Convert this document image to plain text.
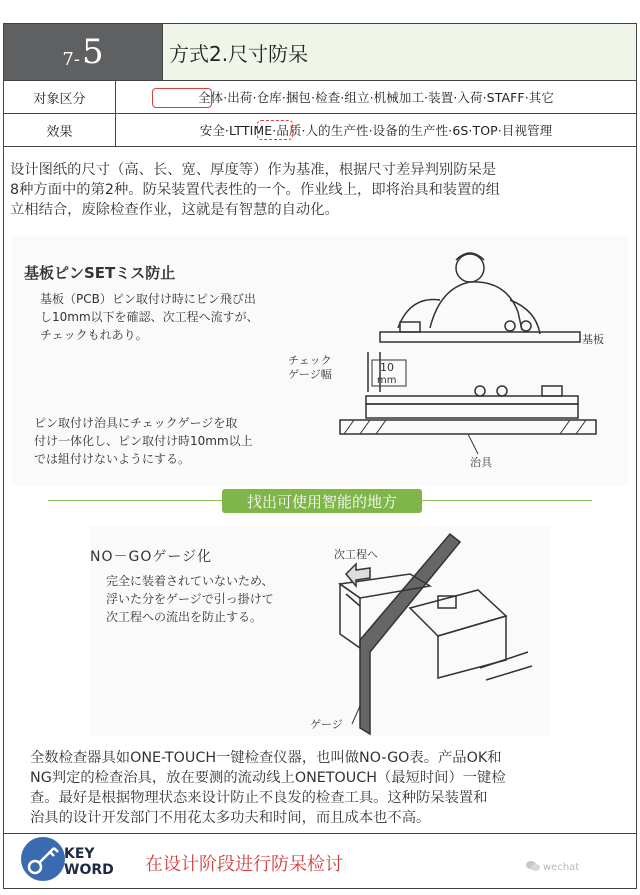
7- 5	方式2.尺寸防呆
对象区分	全体·出荷·仓库·捆包·检查·组立·机械加工·装置·入荷·STAFF·其它
效果	安全·LTTIME·品质·人的生产性·设备的生产性·6S·TOP·目视管理
设计图纸的尺寸（高、长、宽、厚度等）作为基准，根据尺寸差异判别防呆是
8种方面中的第2种。防呆装置代表性的一个。作业线上，即将治具和装置的组
立相结合，废除检查作业，这就是有智慧的自动化。
基板ピンSETミス防止
基板（PCB）ピン取付け時にピン飛び出
し10mm以下を確認、次工程へ流すが、
チェックもれあり。
ピン取付け治具にチェックゲージを取
付け一体化し、ピン取付け時10mm以上
では組付けないようにする。
基板
チェック
ゲージ幅
10
mm
治具
找出可使用智能的地方
NO－GOゲージ化
完全に装着されていないため、
浮いた分をゲージで引っ掛けて
次工程への流出を防止する。
次工程へ
ゲージ
全数检查器具如ONE-TOUCH一键检查仪器，也叫做NO-GO表。产品OK和
NG判定的检查治具，放在要测的流动线上ONETOUCH（最短时间）一键检
查。最好是根据物理状态来设计防止不良发的检查工具。这种防呆装置和
治具的设计开发部门不用花太多功夫和时间，而且成本也不高。
KEY
WORD 在设计阶段进行防呆检讨	wechat
